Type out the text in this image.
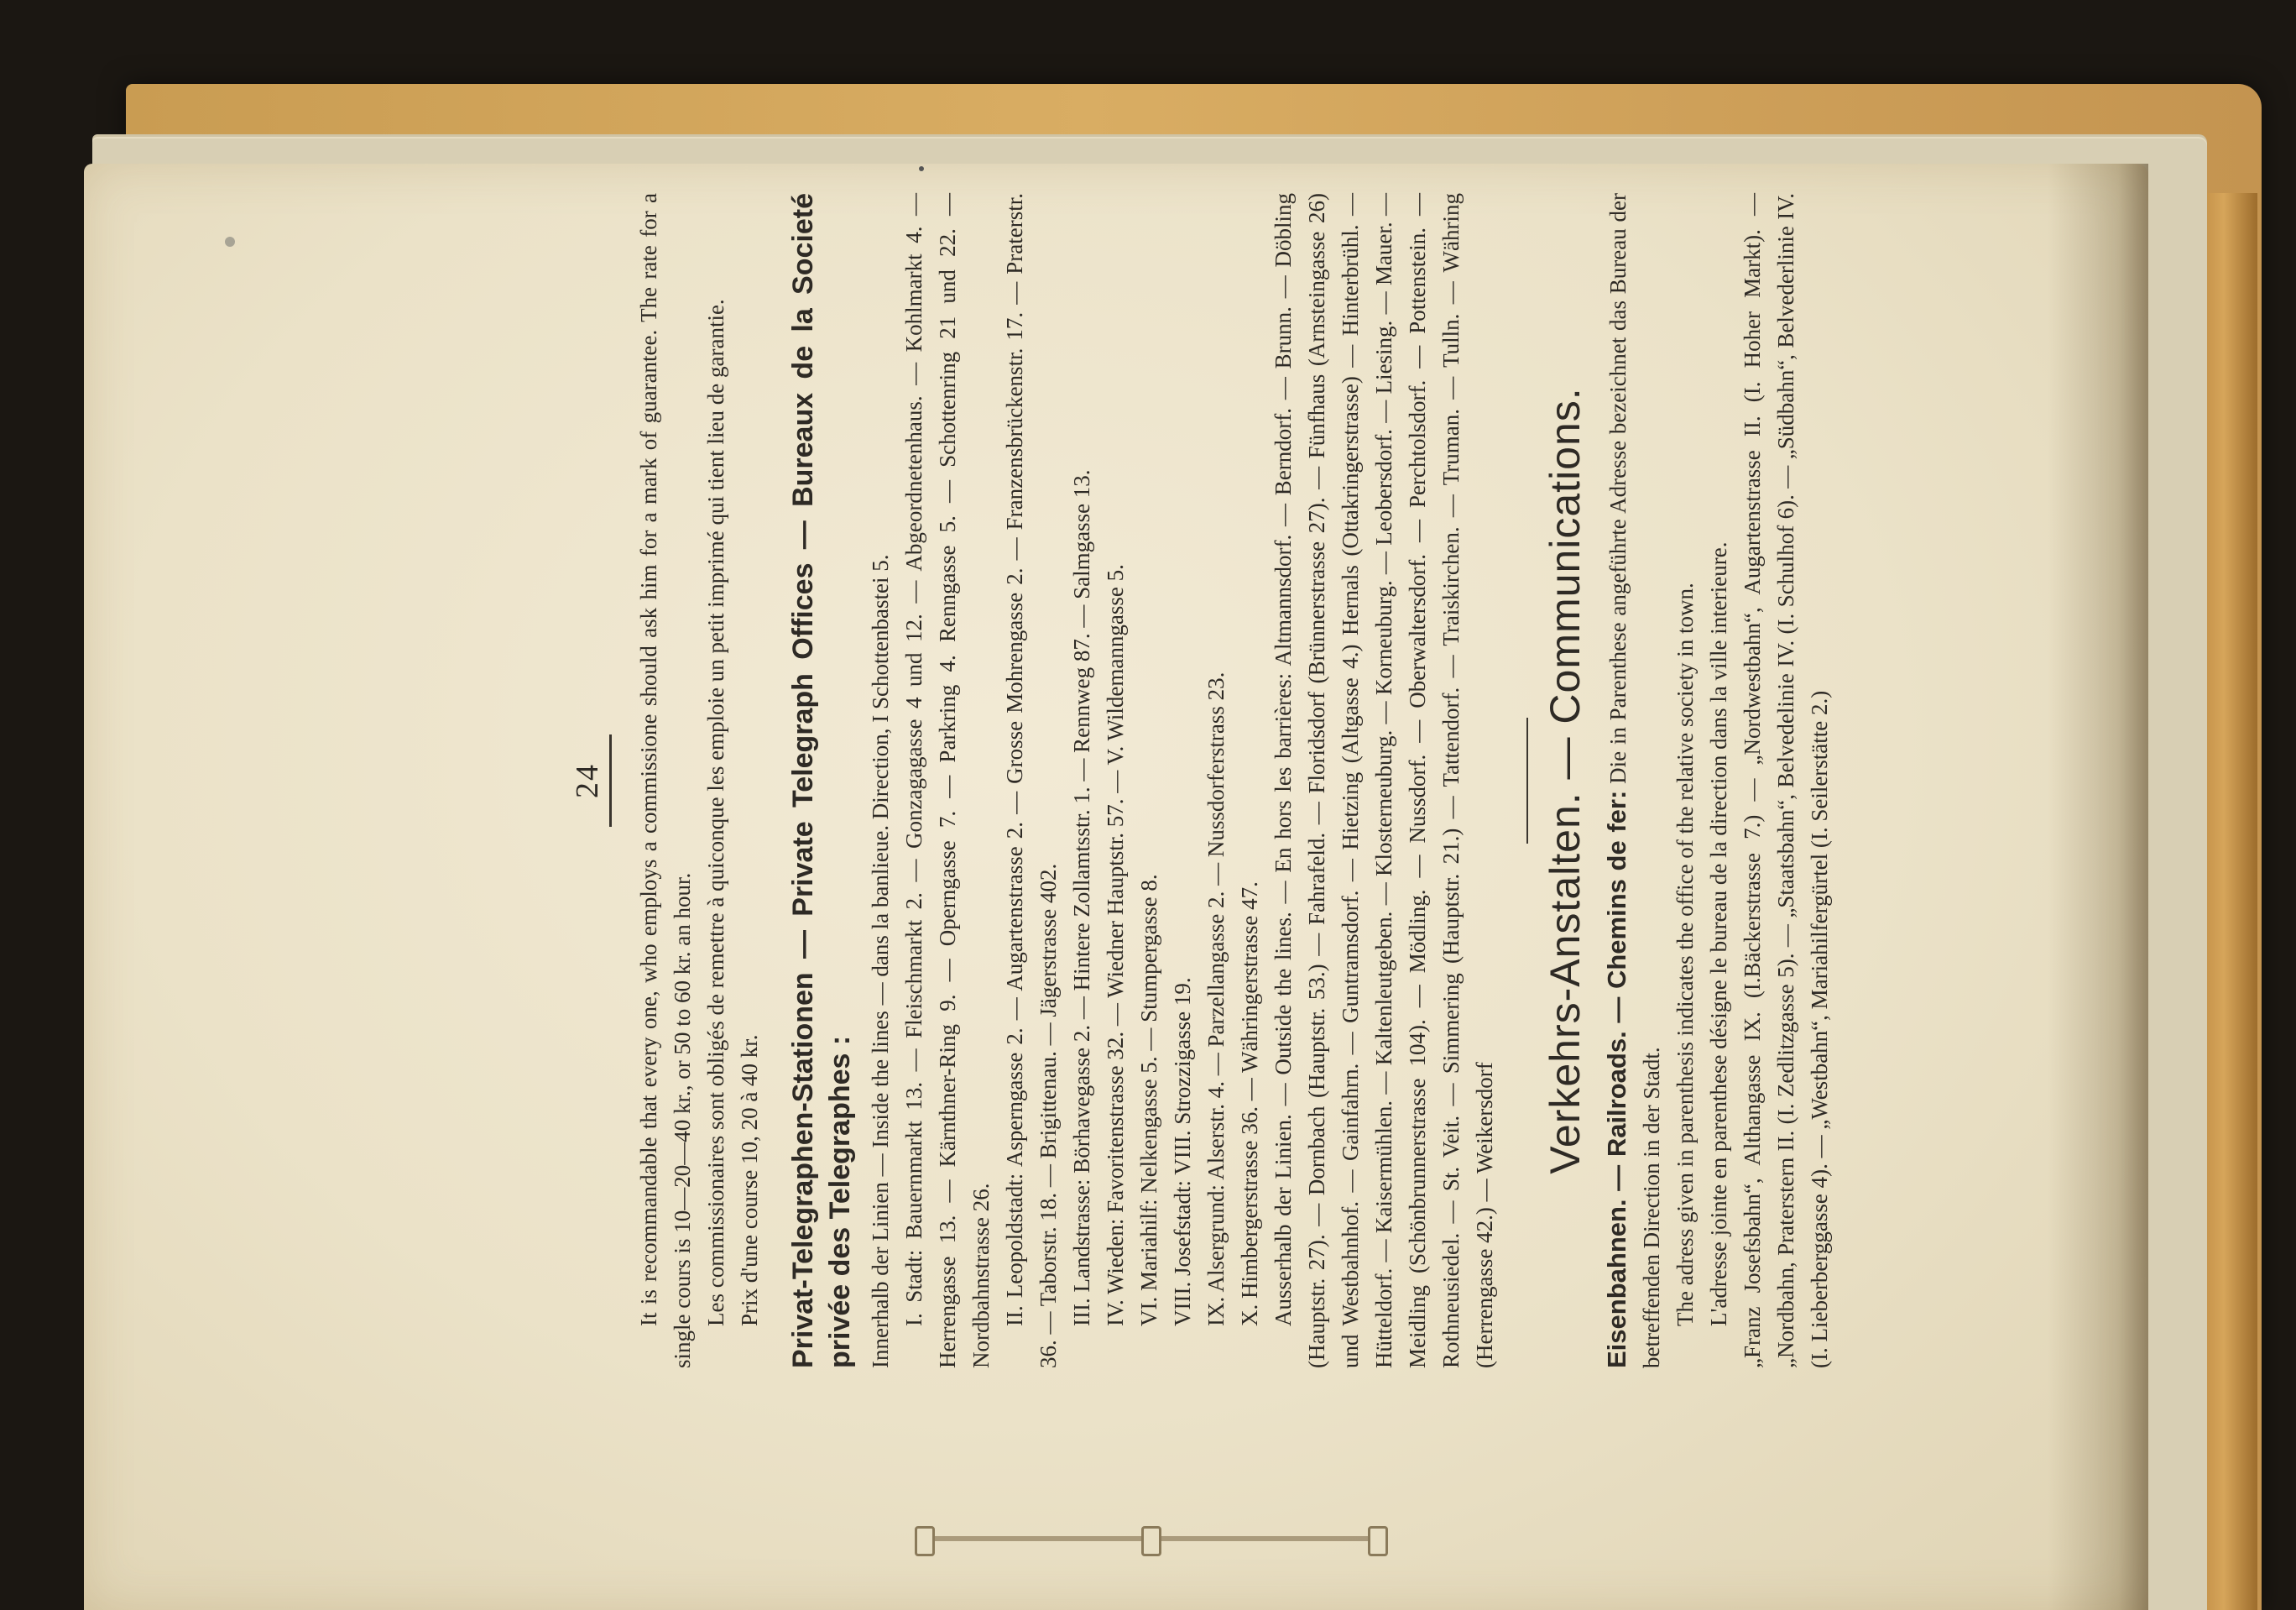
24 It is recommandable that every one, who employs a commissione should ask him for a mark of guarantee. The rate for a single cours is 10—20—40 kr., or 50 to 60 kr. an hour. Les commissionaires sont obligés de remettre à quiconque les emploie un petit imprimé qui tient lieu de garantie. Prix d'une course 10, 20 à 40 kr. Privat-Telegraphen-Stationen — Private Telegraph Offices — Bureaux de la Societé privée des Telegraphes : Innerhalb der Linien — Inside the lines — dans la banlieue. Direction, I Schottenbastei 5. I. Stadt: Bauernmarkt 13. — Fleischmarkt 2. — Gonzagagasse 4 und 12. — Abgeordnetenhaus. — Kohlmarkt 4. — Herrengasse 13. — Kärnthner-Ring 9. — Operngasse 7. — Parkring 4. Renngasse 5. — Schottenring 21 und 22. — Nordbahnstrasse 26. II. Leopoldstadt: Asperngasse 2. — Augartenstrasse 2. — Grosse Mohrengasse 2. — Franzensbrückenstr. 17. — Praterstr. 36. — Taborstr. 18. — Brigittenau. — Jägerstrasse 402. III. Landstrasse: Börhavegasse 2. — Hintere Zollamtsstr. 1. — Rennweg 87. — Salmgasse 13. IV. Wieden: Favoritenstrasse 32. — Wiedner Hauptstr. 57. — V. Wildemanngasse 5. VI. Mariahilf: Nelkengasse 5. — Stumpergasse 8. VIII. Josefstadt: VIII. Strozzigasse 19. IX. Alsergrund: Alserstr. 4. — Parzellangasse 2. — Nussdorferstrass 23. X. Himbergerstrasse 36. — Währingerstrasse 47. Ausserhalb der Linien. — Outside the lines. — En hors les barrières: Altmannsdorf. — Berndorf. — Brunn. — Döbling (Hauptstr. 27). — Dornbach (Hauptstr. 53.) — Fahrafeld. — Floridsdorf (Brünnerstrasse 27). — Fünfhaus (Arnsteingasse 26) und Westbahnhof. — Gainfahrn. — Guntramsdorf. — Hietzing (Altgasse 4.) Hernals (Ottakringerstrasse) — Hinterbrühl. — Hütteldorf. — Kaisermühlen. — Kaltenleutgeben. — Klosterneuburg. — Korneuburg. — Leobersdorf. — Liesing. — Mauer. — Meidling (Schönbrunnerstrasse 104). — Mödling. — Nussdorf. — Oberwaltersdorf. — Perchtolsdorf. — Pottenstein. — Rothneusiedel. — St. Veit. — Simmering (Hauptstr. 21.) — Tattendorf. — Traiskirchen. — Truman. — Tulln. — Währing (Herrengasse 42.) — Weikersdorf

Verkehrs-Anstalten. — Communications. Eisenbahnen. — Railroads. — Chemins de fer: Die in Parenthese angeführte Adresse bezeichnet das Bureau der betreffenden Direction in der Stadt. The adress given in parenthesis indicates the office of the relative society in town. L'adresse jointe en parenthese désigne le bureau de la direction dans la ville interieure. „Franz Josefsbahn“, Althangasse IX. (I.Bäckerstrasse 7.) — „Nordwestbahn“, Augartenstrasse II. (I. Hoher Markt). — „Nordbahn, Praterstern II. (I. Zedlitzgasse 5). — „Staatsbahn“, Belvedelinie IV. (I. Schulhof 6). — „Südbahn“, Belvederlinie IV. (I. Lieberberggasse 4). — „Westbahn“, Mariahilfergürtel (I. Seilerstätte 2.)
